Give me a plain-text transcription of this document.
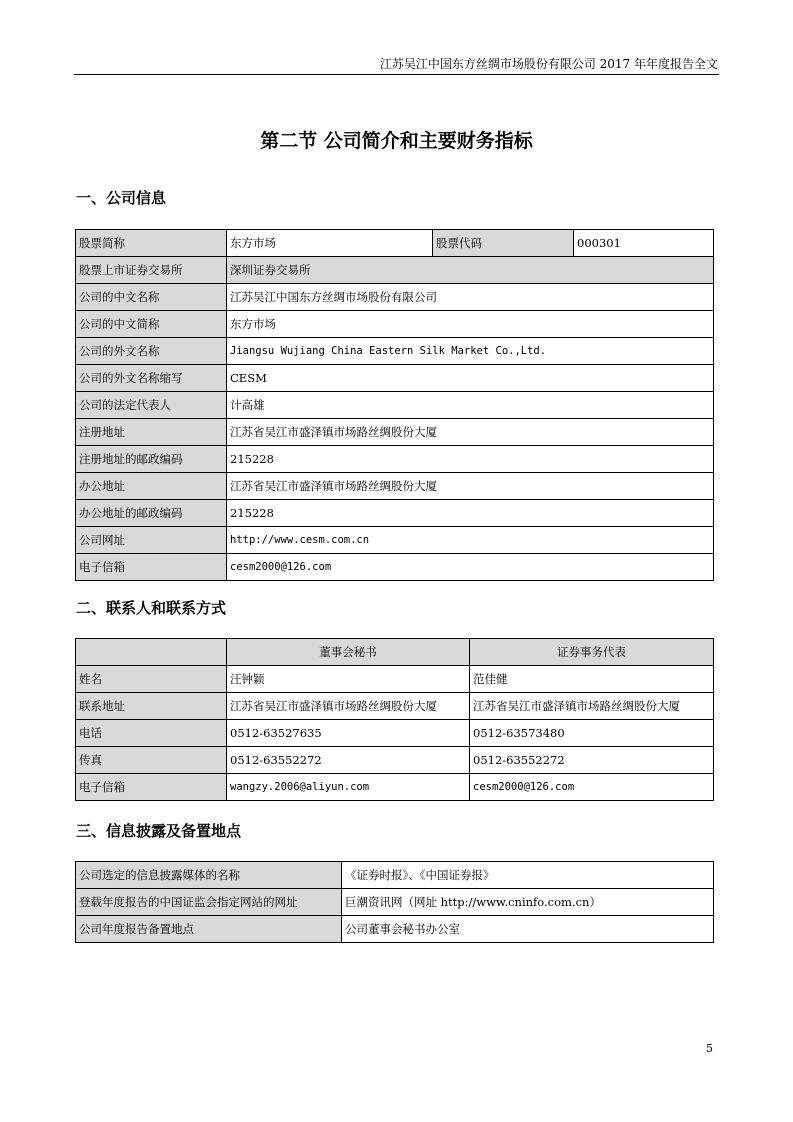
江苏吴江中国东方丝绸市场股份有限公司 2017 年年度报告全文
第二节 公司简介和主要财务指标
一、公司信息
股票简称	东方市场	股票代码	000301
股票上市证券交易所	深圳证券交易所		
公司的中文名称	江苏吴江中国东方丝绸市场股份有限公司		
公司的中文简称	东方市场		
公司的外文名称	Jiangsu Wujiang China Eastern Silk Market Co.,Ltd.		
公司的外文名称缩写	CESM		
公司的法定代表人	计高雄		
注册地址	江苏省吴江市盛泽镇市场路丝绸股份大厦		
注册地址的邮政编码	215228		
办公地址	江苏省吴江市盛泽镇市场路丝绸股份大厦		
办公地址的邮政编码	215228		
公司网址	http://www.cesm.com.cn		
电子信箱	cesm2000@126.com		
二、联系人和联系方式
	董事会秘书	证券事务代表
姓名	汪钟颖	范佳健
联系地址	江苏省吴江市盛泽镇市场路丝绸股份大厦	江苏省吴江市盛泽镇市场路丝绸股份大厦
电话	0512-63527635	0512-63573480
传真	0512-63552272	0512-63552272
电子信箱	wangzy.2006@aliyun.com	cesm2000@126.com
三、信息披露及备置地点
公司选定的信息披露媒体的名称	《证券时报》、《中国证券报》
登载年度报告的中国证监会指定网站的网址	巨潮资讯网（网址 http://www.cninfo.com.cn）
公司年度报告备置地点	公司董事会秘书办公室
5
